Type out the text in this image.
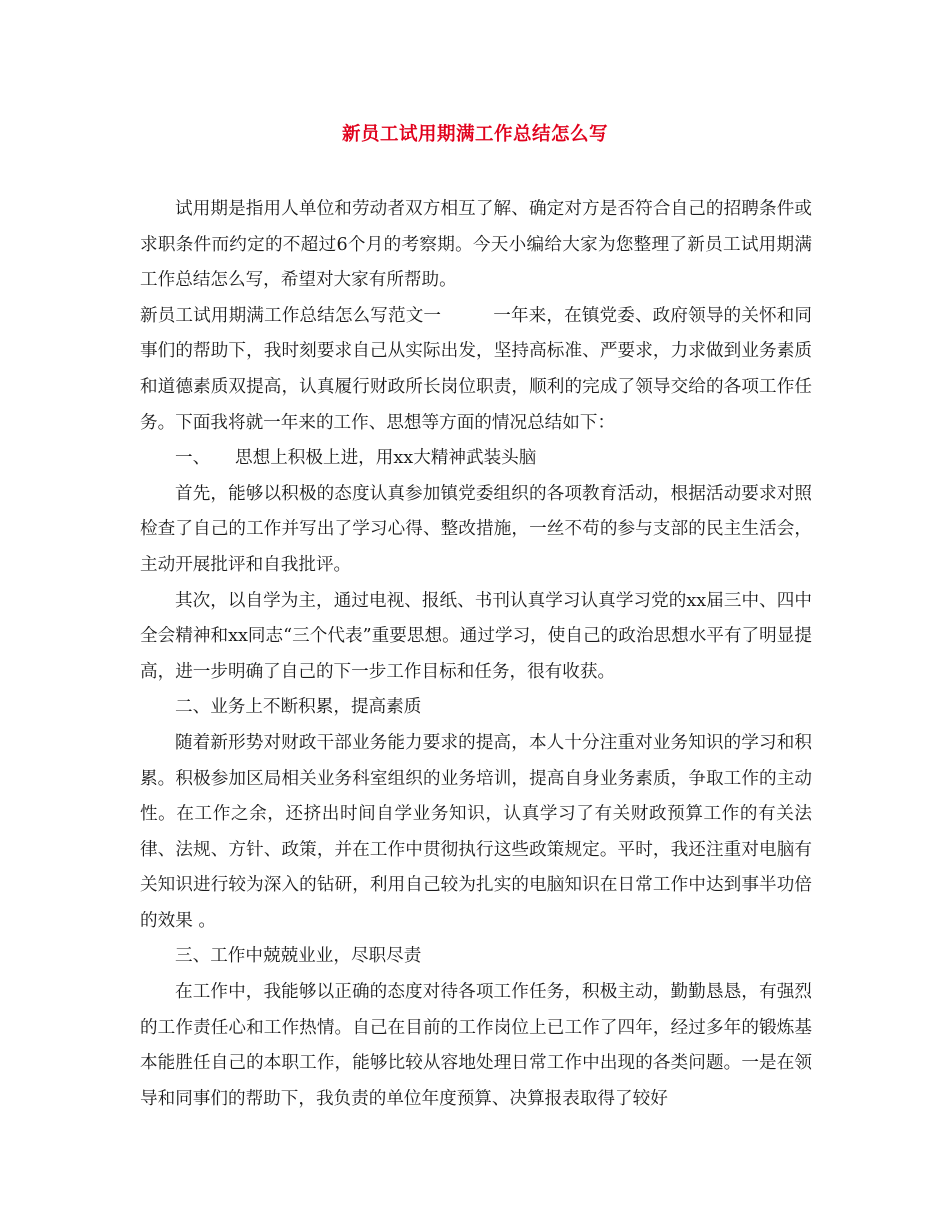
新员工试用期满工作总结怎么写

试用期是指用人单位和劳动者双方相互了解、确定对方是否符合自己的招聘条件或求职条件而约定的不超过6个月的考察期。今天小编给大家为您整理了新员工试用期满工作总结怎么写，希望对大家有所帮助。

新员工试用期满工作总结怎么写范文一	一年来，在镇党委、政府领导的关怀和同事们的帮助下，我时刻要求自己从实际出发，坚持高标准、严要求，力求做到业务素质和道德素质双提高，认真履行财政所长岗位职责，顺利的完成了领导交给的各项工作任务。下面我将就一年来的工作、思想等方面的情况总结如下：

一、 思想上积极上进，用xx大精神武装头脑

首先，能够以积极的态度认真参加镇党委组织的各项教育活动，根据活动要求对照检查了自己的工作并写出了学习心得、整改措施，一丝不苟的参与支部的民主生活会，主动开展批评和自我批评。

其次，以自学为主，通过电视、报纸、书刊认真学习认真学习党的xx届三中、四中全会精神和xx同志“三个代表”重要思想。通过学习，使自己的政治思想水平有了明显提高，进一步明确了自己的下一步工作目标和任务，很有收获。

二、业务上不断积累，提高素质

随着新形势对财政干部业务能力要求的提高，本人十分注重对业务知识的学习和积累。积极参加区局相关业务科室组织的业务培训，提高自身业务素质，争取工作的主动性。在工作之余，还挤出时间自学业务知识，认真学习了有关财政预算工作的有关法律、法规、方针、政策，并在工作中贯彻执行这些政策规定。平时，我还注重对电脑有关知识进行较为深入的钻研，利用自己较为扎实的电脑知识在日常工作中达到事半功倍的效果 。

三、工作中兢兢业业，尽职尽责

在工作中，我能够以正确的态度对待各项工作任务，积极主动，勤勤恳恳，有强烈的工作责任心和工作热情。自己在目前的工作岗位上已工作了四年，经过多年的锻炼基本能胜任自己的本职工作，能够比较从容地处理日常工作中出现的各类问题。一是在领导和同事们的帮助下，我负责的单位年度预算、决算报表取得了较好
